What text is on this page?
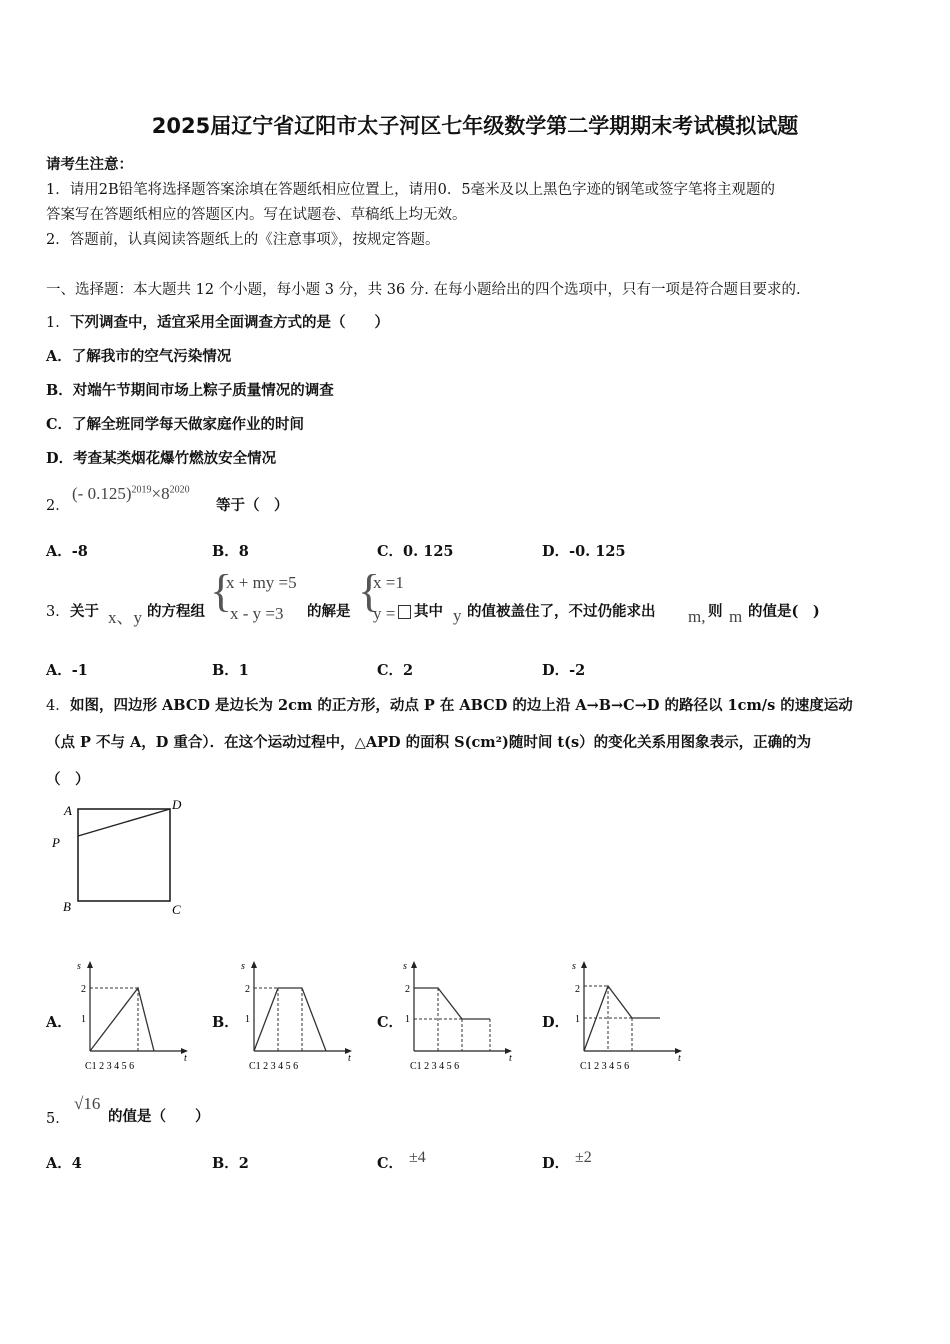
2025届辽宁省辽阳市太子河区七年级数学第二学期期末考试模拟试题
请考生注意：
1．请用2B铅笔将选择题答案涂填在答题纸相应位置上，请用0．5毫米及以上黑色字迹的钢笔或签字笔将主观题的
答案写在答题纸相应的答题区内。写在试题卷、草稿纸上均无效。
2．答题前，认真阅读答题纸上的《注意事项》，按规定答题。
一、选择题：本大题共 12 个小题，每小题 3 分，共 36 分. 在每小题给出的四个选项中，只有一项是符合题目要求的.
1． 下列调查中，适宜采用全面调查方式的是（　　）
A．了解我市的空气污染情况
B．对端午节期间市场上粽子质量情况的调查
C．了解全班同学每天做家庭作业的时间
D．考查某类烟花爆竹燃放安全情况
2．
(- $0.125)^{2019}\times 8^{2020}$
等于（　）
A．-8	B．8	C．0. 125	D．-0. 125
3． 关于 x、y 的方程组 {
x + my =5
x - y =3 的解是 {
x =1
y = 其中 y 的值被盖住了，不过仍能求出 m, 则 m 的值是(　)
A．-1	B．1	C．2	D．-2
4． 如图，四边形 ABCD 是边长为 2cm 的正方形，动点 P 在 ABCD 的边上沿 A→B→C→D 的路径以 1cm/s 的速度运动
（点 P 不与 A，D 重合）．在这个运动过程中，△APD 的面积 S(cm²)随时间 t(s）的变化关系用图象表示，正确的为
（　）
A	D
P
B	C
A．	B．	C．	D．
s
t
2
1
C1 2 3 4 5 6
s
t
2
1
C1 2 3 4 5 6
s
t
2
1
C1 2 3 4 5 6
s
t
2
1
C1 2 3 4 5 6
5．
√16
的值是（　　）
A．4	B．2	C． ±4	D． ±2
